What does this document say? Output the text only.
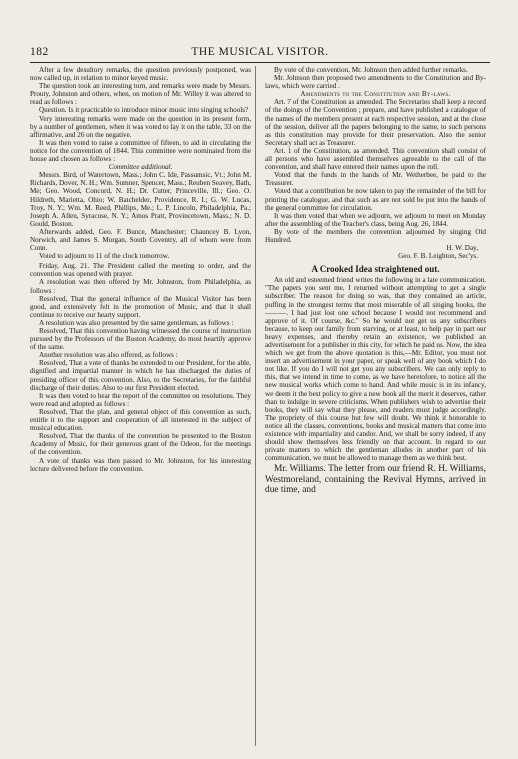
182	THE MUSICAL VISITOR.

After a few desultory remarks, the question previously postponed, was now called up, in relation to minor keyed music.

The question took an interesting turn, and remarks were made by Messrs. Prouty, Johnston and others, when, on motion of Mr. Willey it was altered to read as follows :

Question. Is it practicable to introduce minor music into singing schools?

Very interesting remarks were made on the question in its present form, by a number of gentlemen, when it was voted to lay it on the table, 33 on the affirmative, and 26 on the negative.

It was then voted to raise a committee of fifteen, to aid in circulating the notice for the convention of 1844. This committee were nominated from the house and chosen as follows :

Committee additional.

Messrs. Bird, of Watertown, Mass.; John C. Ide, Passumsic, Vt.; John M. Richards, Dover, N. H.; Wm. Sumner, Spencer, Mass.; Reuben Seavey, Bath, Me; Geo. Wood, Concord, N. H.; Dr. Cutter, Princeville, Ill.; Geo. O. Hildreth, Marietta, Ohio; W. Batchelder, Providence, R. I.; G. W. Lucas, Troy, N. Y.; Wm. M. Reed, Phillips, Me.; L. P. Lincoln, Philadelphia, Pa.; Joseph A. Allen, Syracuse, N. Y.; Amos Pratt, Provincetown, Mass.; N. D. Gould, Boston.

Afterwards added, Geo. F. Bunce, Manchester; Chauncey B. Lyon, Norwich, and James S. Morgan, South Coventry, all of whom were from Conn.

Voted to adjourn to 11 of the clock tomorrow.

Friday, Aug. 21. The President called the meeting to order, and the convention was opened with prayer.

A resolution was then offered by Mr. Johnston, from Philadelphia, as follows :

Resolved, That the general influence of the Musical Visitor has been good, and extensively felt in the promotion of Music, and that it shall continue to receive our hearty support.

A resolution was also presented by the same gentleman, as follows :

Resolved, That this convention having witnessed the course of instruction pursued by the Professors of the Boston Academy, do most heartily approve of the same.

Another resolution was also offered, as follows :

Resolved, That a vote of thanks be extended to our President, for the able, dignified and impartial manner in which he has discharged the duties of presiding officer of this convention. Also, to the Secretaries, for the faithful discharge of their duties. Also to our first President elected.

It was then voted to hear the report of the committee on resolutions. They were read and adopted as follows :

Resolved, That the plan, and general object of this convention as such, entitle it to the support and cooperation of all interested in the subject of musical education.

Resolved, That the thanks of the convention be presented to the Boston Academy of Music, for their generous grant of the Odeon, for the meetings of the convention.

A vote of thanks was then passed to Mr. Johnston, for his interesting lecture delivered before the convention.

By vote of the convention, Mr. Johnson then added further remarks.

Mr. Johnson then proposed two amendments to the Constitution and By-laws, which were carried .

Amendments to the Constitution and By-laws.

Art. 7 of the Constitution as amended. The Secretaries shall keep a record of the doings of the Convention ; prepare, and have published a catalogue of the names of the members present at each respective session, and at the close of the session, deliver all the papers belonging to the same, to such persons as this constitution may provide for their preservation. Also the senior Secretary shall act as Treasurer.

Art. 1 of the Constitution, as amended. This convention shall consist of all persons who have assembled themselves agreeable to the call of the convention, and shall have entered their names upon the roll.

Voted that the funds in the hands of Mr. Wetherbee, be paid to the Treasurer.

Voted that a contribution be now taken to pay the remainder of the bill for printing the catalogue, and that such as are not sold be put into the hands of the general committee for circulation.

It was then voted that when we adjourn, we adjourn to meet on Monday after the assembling of the Teacher's class, being Aug. 26, 1844.

By vote of the members the convention adjourned by singing Old Hundred.

H. W. Day,

Geo. F. B. Leighton, Sec'ys.

A Crooked Idea straightened out.

An old and esteemed friend writes the following in a late communication. "The papers you sent me, I returned without attempting to get a single subscriber. The reason for doing so was, that they contained an article, puffing in the strongest terms that most miserable of all singing books, the ———. I had just lost one school because I would not recommend and approve of it. Of course, &c." So he would not get us any subscribers because, to keep our family from starving, or at least, to help pay in part our heavy expenses, and thereby retain an existence, we published an advertisement for a publisher in this city, for which he paid us. Now, the idea which we get from the above quotation is this,—Mr. Editor, you must not insert an advertisement in your paper, or speak well of any book which I do not like. If you do I will not get you any subscribers. We can only reply to this, that we intend in time to come, as we have heretofore, to notice all the new musical works which come to hand. And while music is in its infancy, we deem it the best policy to give a new book all the merit it deserves, rather than to indulge in severe criticisms. When publishers wish to advertise their books, they will say what they please, and readers must judge accordingly. The propriety of this course but few will doubt. We think it honorable to notice all the classes, conventions, books and musical matters that come into existence with impartiality and candor. And, we shall be sorry indeed, if any should show themselves less friendly on that account. In regard to our private matters to which the gentleman alludes in another part of his communication, we must be allowed to manage them as we think best.

Mr. Williams. The letter from our friend R. H. Williams, Westmoreland, containing the Revival Hymns, arrived in due time, and
